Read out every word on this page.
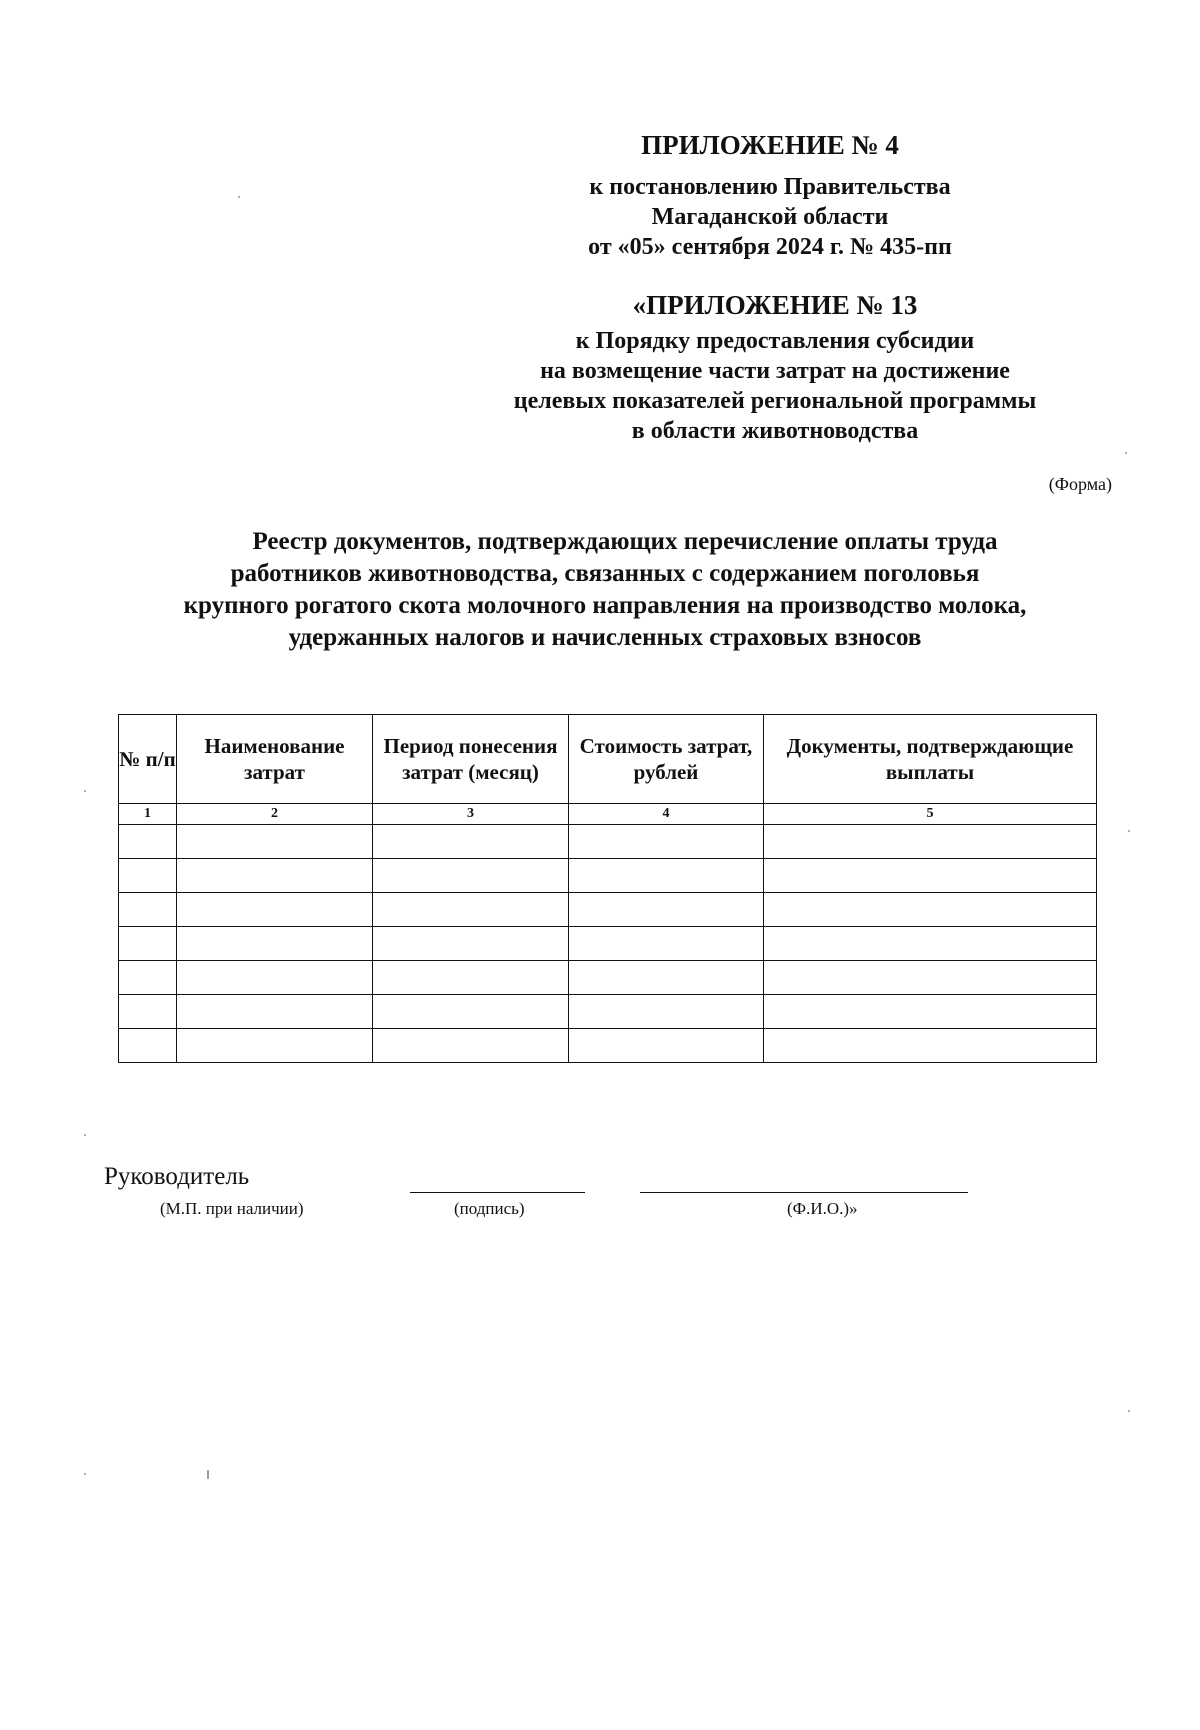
ПРИЛОЖЕНИЕ № 4
к постановлению Правительства
Магаданской области
от «05» сентября 2024 г. № 435-пп
«ПРИЛОЖЕНИЕ № 13
к Порядку предоставления субсидии
на возмещение части затрат на достижение
целевых показателей региональной программы
в области животноводства
(Форма)
Реестр документов, подтверждающих перечисление оплаты труда
работников животноводства, связанных с содержанием поголовья
крупного рогатого скота молочного направления на производство молока,
удержанных налогов и начисленных страховых взносов
№ п/п	Наименование затрат	Период понесения затрат (месяц)	Стоимость затрат, рублей	Документы, подтверждающие выплаты
1	2	3	4	5

Руководитель
(М.П. при наличии)	(подпись)	(Ф.И.О.)»
